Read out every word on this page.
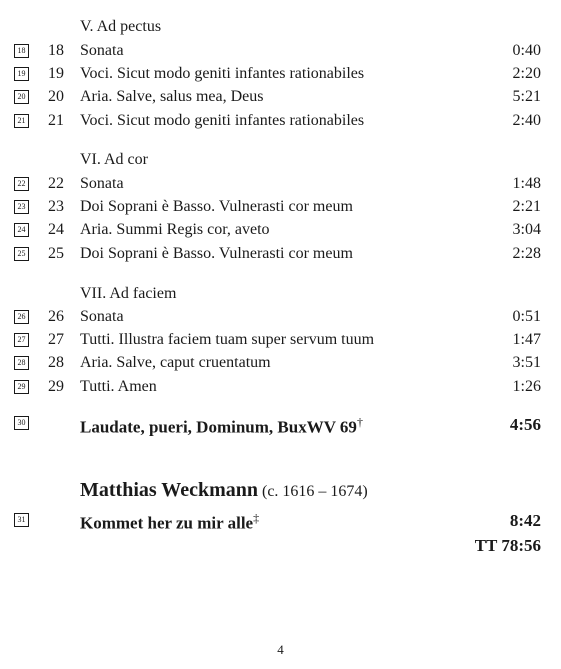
V. Ad pectus
18	18 Sonata	0:40
19	19 Voci. Sicut modo geniti infantes rationabiles	2:20
20	20 Aria. Salve, salus mea, Deus	5:21
21	21 Voci. Sicut modo geniti infantes rationabiles	2:40
VI. Ad cor
22	22 Sonata	1:48
23	23 Doi Soprani è Basso. Vulnerasti cor meum	2:21
24	24 Aria. Summi Regis cor, aveto	3:04
25	25 Doi Soprani è Basso. Vulnerasti cor meum	2:28
VII. Ad faciem
26	26 Sonata	0:51
27	27 Tutti. Illustra faciem tuam super servum tuum	1:47
28	28 Aria. Salve, caput cruentatum	3:51
29	29 Tutti. Amen	1:26
30	Laudate, pueri, Dominum, BuxWV 69†	4:56
Matthias Weckmann (c. 1616 – 1674)
31	Kommet her zu mir alle‡	8:42
TT 78:56
4
